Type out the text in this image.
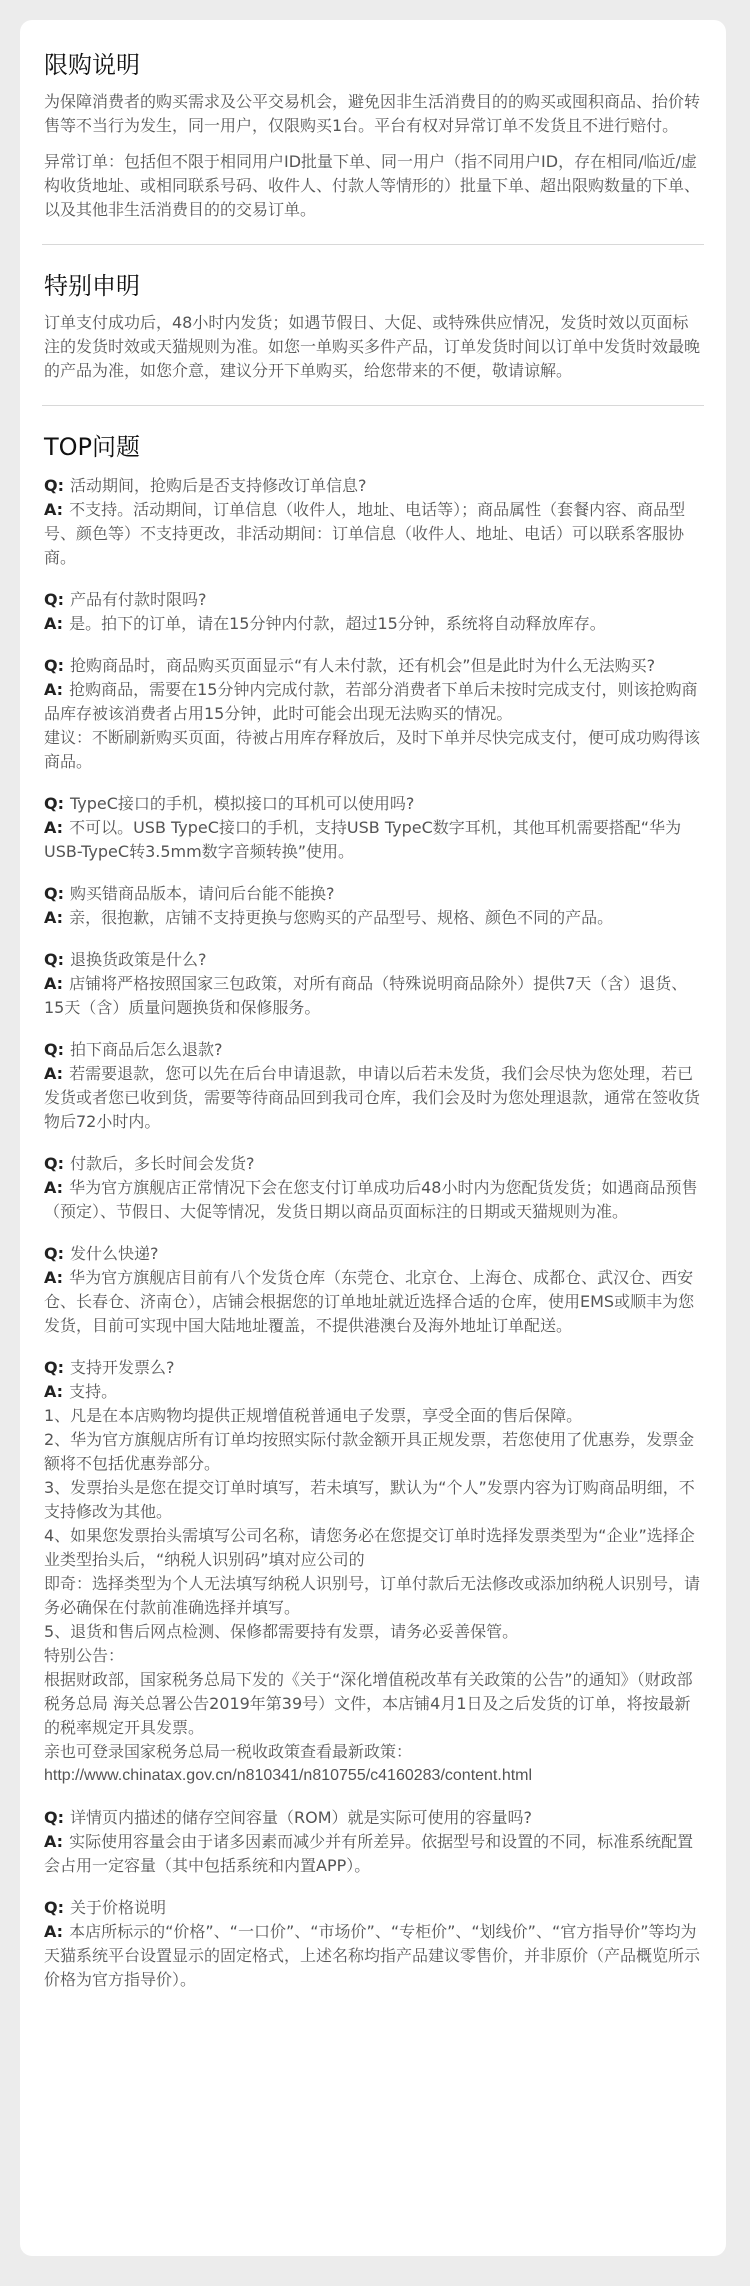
限购说明

为保障消费者的购买需求及公平交易机会，避免因非生活消费目的的购买或囤积商品、抬价转售等不当行为发生，同一用户，仅限购买1台。平台有权对异常订单不发货且不进行赔付。

异常订单：包括但不限于相同用户ID批量下单、同一用户（指不同用户ID，存在相同/临近/虚构收货地址、或相同联系号码、收件人、付款人等情形的）批量下单、超出限购数量的下单、以及其他非生活消费目的的交易订单。

特别申明

订单支付成功后，48小时内发货；如遇节假日、大促、或特殊供应情况，发货时效以页面标注的发货时效或天猫规则为准。如您一单购买多件产品，订单发货时间以订单中发货时效最晚的产品为准，如您介意，建议分开下单购买，给您带来的不便，敬请谅解。

TOP问题
Q: 活动期间，抢购后是否支持修改订单信息?
A: 不支持。活动期间，订单信息（收件人，地址、电话等）；商品属性（套餐内容、商品型号、颜色等）不支持更改，非活动期间：订单信息（收件人、地址、电话）可以联系客服协商。
Q: 产品有付款时限吗?
A: 是。拍下的订单，请在15分钟内付款，超过15分钟，系统将自动释放库存。
Q: 抢购商品时，商品购买页面显示“有人未付款，还有机会”但是此时为什么无法购买?
A: 抢购商品，需要在15分钟内完成付款，若部分消费者下单后未按时完成支付，则该抢购商品库存被该消费者占用15分钟，此时可能会出现无法购买的情况。
建议：不断刷新购买页面，待被占用库存释放后，及时下单并尽快完成支付，便可成功购得该商品。
Q: TypeC接口的手机，模拟接口的耳机可以使用吗?
A: 不可以。USB TypeC接口的手机，支持USB TypeC数字耳机，其他耳机需要搭配“华为USB-TypeC转3.5mm数字音频转换”使用。
Q: 购买错商品版本，请问后台能不能换?
A: 亲，很抱歉，店铺不支持更换与您购买的产品型号、规格、颜色不同的产品。
Q: 退换货政策是什么?
A: 店铺将严格按照国家三包政策，对所有商品（特殊说明商品除外）提供7天（含）退货、15天（含）质量问题换货和保修服务。
Q: 拍下商品后怎么退款?
A: 若需要退款，您可以先在后台申请退款，申请以后若未发货，我们会尽快为您处理，若已发货或者您已收到货，需要等待商品回到我司仓库，我们会及时为您处理退款，通常在签收货物后72小时内。
Q: 付款后，多长时间会发货?
A: 华为官方旗舰店正常情况下会在您支付订单成功后48小时内为您配货发货；如遇商品预售（预定）、节假日、大促等情况，发货日期以商品页面标注的日期或天猫规则为准。
Q: 发什么快递?
A: 华为官方旗舰店目前有八个发货仓库（东莞仓、北京仓、上海仓、成都仓、武汉仓、西安仓、长春仓、济南仓），店铺会根据您的订单地址就近选择合适的仓库，使用EMS或顺丰为您发货，目前可实现中国大陆地址覆盖，不提供港澳台及海外地址订单配送。
Q: 支持开发票么?
A: 支持。
1、凡是在本店购物均提供正规增值税普通电子发票，享受全面的售后保障。
2、华为官方旗舰店所有订单均按照实际付款金额开具正规发票，若您使用了优惠券，发票金额将不包括优惠券部分。
3、发票抬头是您在提交订单时填写，若未填写，默认为“个人”发票内容为订购商品明细，不支持修改为其他。
4、如果您发票抬头需填写公司名称，请您务必在您提交订单时选择发票类型为“企业”选择企业类型抬头后，“纳税人识别码”填对应公司的
即奇：选择类型为个人无法填写纳税人识别号，订单付款后无法修改或添加纳税人识别号，请务必确保在付款前准确选择并填写。
5、退货和售后网点检测、保修都需要持有发票，请务必妥善保管。
特别公告：
根据财政部，国家税务总局下发的《关于“深化增值税改革有关政策的公告”的通知》（财政部 税务总局 海关总署公告2019年第39号）文件，本店铺4月1日及之后发货的订单，将按最新的税率规定开具发票。
亲也可登录国家税务总局一税收政策查看最新政策：
http://www.chinatax.gov.cn/n810341/n810755/c4160283/content.html
Q: 详情页内描述的储存空间容量（ROM）就是实际可使用的容量吗?
A: 实际使用容量会由于诸多因素而减少并有所差异。依据型号和设置的不同，标准系统配置会占用一定容量（其中包括系统和内置APP）。
Q: 关于价格说明
A: 本店所标示的“价格”、“一口价”、“市场价”、“专柜价”、“划线价”、“官方指导价”等均为天猫系统平台设置显示的固定格式，上述名称均指产品建议零售价，并非原价（产品概览所示价格为官方指导价）。
